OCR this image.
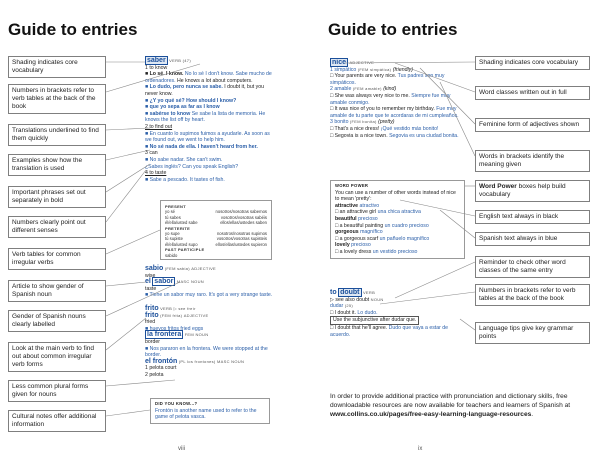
Guide to entries
Shading indicates core vocabulary
Numbers in brackets refer to verb tables at the back of the book
Translations underlined to find them quickly
Examples show how the translation is used
Important phrases set out separately in bold
Numbers clearly point out different senses
Verb tables for common irregular verbs
Article to show gender of Spanish noun
Gender of Spanish nouns clearly labelled
Look at the main verb to find out about common irregular verb forms
Less common plural forms given for nouns
Cultural notes offer additional information
saber VERB (47)
1 to know
■ Lo sé. I know. No lo sé I don't know. Sabe mucho de ordenadores. He knows a lot about computers.
■ Lo dudo, pero nunca se sabe. I doubt it, but you never know.
■ ¿Y yo qué sé? How should I know?
■ que yo sepa as far as I know
■ sabérse to know Se sabe la lista de memoria. He knows the list off by heart.
2 to find out
■ En cuanto lo supimos fuimos a ayudarle. As soon as we found out, we went to help him.
■ No sé nada de ella. I haven't heard from her.
3 can
■ No sabe nadar. She can't swim.
¿Sabes inglés? Can you speak English?
4 to taste
■ Sabe a pescado. It tastes of fish.
PRESENT
yo sé	nosotros/nosotras sabemos
tú sabes	vosotros/vosotras sabéis
él/ella/usted sabe	ellos/ellas/ustedes saben
PRETERITE
yo supe	nosotros/nosotras supimos
tú supiste	vosotros/vosotras supisteis
él/ella/usted supo	ellos/ellas/ustedes supieron
PAST PARTICIPLE
sabido
sabio (FEM sabia) ADJECTIVE
wise
el sabor MASC NOUN
taste
■ Tiene un sabor muy raro. It's got a very strange taste.
frito VERB ▷ see freír
frito (FEM frita) ADJECTIVE
fried
■ huevos fritos fried eggs
la frontera FEM NOUN
border
■ Nos pararon en la frontera. We were stopped at the border.
el frontón (PL los frontones) MASC NOUN
1 pelota court
2 pelota
DID YOU KNOW...?
Frontón is another name used to refer to the game of pelota vasca.
viii
Guide to entries
nice ADJECTIVE
1 simpático (FEM simpática) (friendly)
□ Your parents are very nice. Tus padres son muy simpáticos.
2 amable (FEM amable) (kind)
□ She was always very nice to me. Siempre fue muy amable conmigo.
□ It was nice of you to remember my birthday. Fue muy amable de tu parte que te acordaras de mi cumpleaños.
3 bonito (FEM bonita) (pretty)
□ That's a nice dress! ¡Qué vestido más bonito!
□ Segovia is a nice town. Segovia es una ciudad bonita.
WORD POWER
You can use a number of other words instead of nice to mean 'pretty':
attractive atractivo
□ an attractive girl una chica atractiva
beautiful precioso
□ a beautiful painting un cuadro precioso
gorgeous magnífico
□ a gorgeous scarf un pañuelo magnífico
lovely precioso
□ a lovely dress un vestido precioso
to doubt VERB
▷ see also doubt NOUN
dudar (25)
□ I doubt it. Lo dudo.
Use the subjunctive after dudar que.
□ I doubt that he'll agree. Dudo que vaya a estar de acuerdo.
Shading indicates core vocabulary
Word classes written out in full
Feminine form of adjectives shown
Words in brackets identify the meaning given
Word Power boxes help build vocabulary
English text always in black
Spanish text always in blue
Reminder to check other word classes of the same entry
Numbers in brackets refer to verb tables at the back of the book
Language tips give key grammar points
ix
In order to provide additional practice with pronunciation and dictionary skills, free downloadable resources are now available for teachers and learners of Spanish at www.collins.co.uk/pages/free-easy-learning-language-resources.
